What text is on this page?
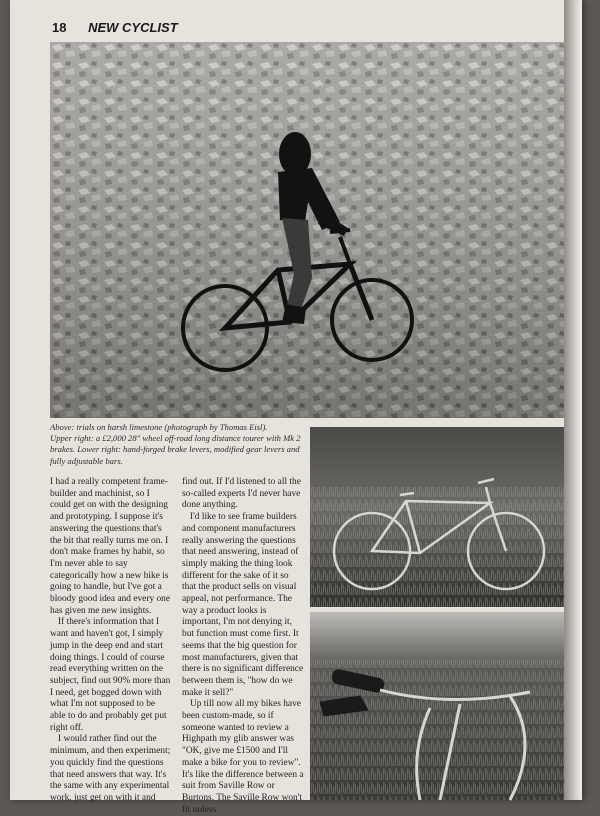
18 NEW CYCLIST

Above: trials on harsh limestone (photograph by Thomas Eisl).

Upper right: a £2,000 28" wheel off-road long distance tourer with Mk 2 brakes. Lower right: hand-forged brake levers, modified gear levers and fully adjustable bars.

I had a really competent frame-builder and machinist, so I could get on with the designing and prototyping. I suppose it's answering the questions that's the bit that really turns me on. I don't make frames by habit, so I'm never able to say categorically how a new bike is going to handle, but I've got a bloody good idea and every one has given me new insights.

If there's information that I want and haven't got, I simply jump in the deep end and start doing things. I could of course read everything written on the subject, find out 90% more than I need, get bogged down with what I'm not supposed to be able to do and probably get put right off.

I would rather find out the minimum, and then experiment; you quickly find the questions that need answers that way. It's the same with any experimental work, just get on with it and

find out. If I'd listened to all the so-called experts I'd never have done anything.

I'd like to see frame builders and component manufacturers really answering the questions that need answering, instead of simply making the thing look different for the sake of it so that the product sells on visual appeal, not performance. The way a product looks is important, I'm not denying it, but function must come first. It seems that the big question for most manufacturers, given that there is no significant difference between them is, "how do we make it sell?"

Up till now all my bikes have been custom-made, so if someone wanted to review a Highpath my glib answer was "OK, give me £1500 and I'll make a bike for you to review". It's like the difference between a suit from Saville Row or Burtons. The Saville Row won't fit unless
